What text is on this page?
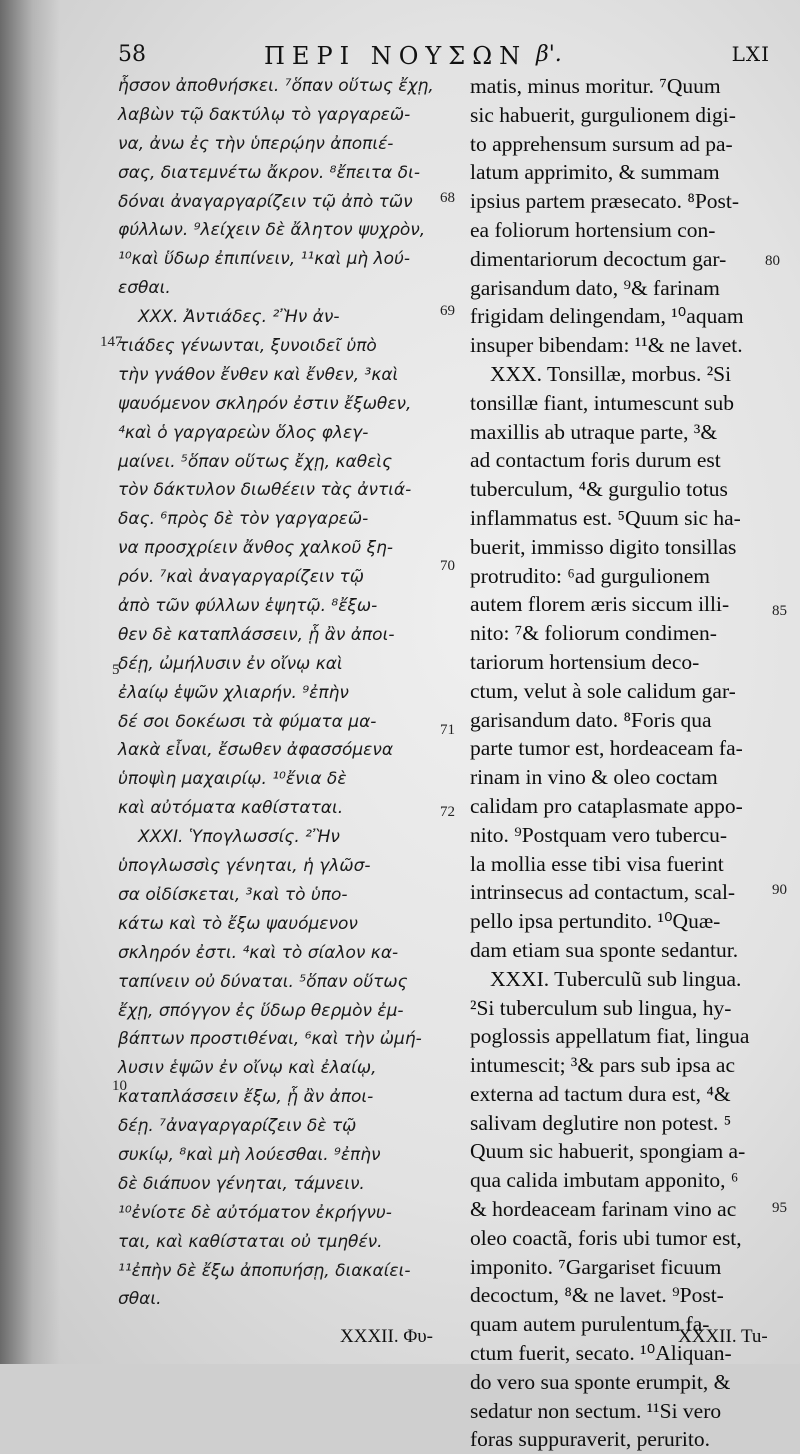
58	ΠΕΡΙ ΝΟΥΣΩΝ β'.	LXI
ἧσσον ἀποθνήσκει. ⁷ὅπαν οὕτως ἔχῃ,
λαβὼν τῷ δακτύλῳ τὸ γαργαρεῶ-
να, ἀνω ἐς τὴν ὑπερῴην ἀποπιέ-
σας, διατεμνέτω ἄκρον. ⁸ἔπειτα δι-
δόναι ἀναγαργαρίζειν τῷ ἀπὸ τῶν
φύλλων. ⁹λείχειν δὲ ἄλητον ψυχρὸν,
¹⁰καὶ ὕδωρ ἐπιπίνειν, ¹¹καὶ μὴ λού-
εσθαι.
ΧΧΧ. Ἀντιάδες. ²Ἢν ἀν-
τιάδες γένωνται, ξυνοιδεῖ ὑπὸ
τὴν γνάθον ἔνθεν καὶ ἔνθεν, ³καὶ
ψαυόμενον σκληρόν ἐστιν ἔξωθεν,
⁴καὶ ὁ γαργαρεὼν ὅλος φλεγ-
μαίνει. ⁵ὅπαν οὕτως ἔχῃ, καθεὶς
τὸν δάκτυλον διωθέειν τὰς ἀντιά-
δας. ⁶πρὸς δὲ τὸν γαργαρεῶ-
να προσχρίειν ἄνθος χαλκοῦ ξη-
ρόν. ⁷καὶ ἀναγαργαρίζειν τῷ
ἀπὸ τῶν φύλλων ἑψητῷ. ⁸ἔξω-
θεν δὲ καταπλάσσειν, ᾗ ἂν ἀποι-
δέῃ, ὠμήλυσιν ἐν οἴνῳ καὶ
ἐλαίῳ ἑψῶν χλιαρήν. ⁹ἐπὴν
δέ σοι δοκέωσι τὰ φύματα μα-
λακὰ εἶναι, ἔσωθεν ἀφασσόμενα
ὑποψὶη μαχαιρίῳ. ¹⁰ἔνια δὲ
καὶ αὐτόματα καθίσταται.
ΧΧΧΙ. Ὑπογλωσσίς. ²Ἢν
ὑπογλωσσὶς γένηται, ἡ γλῶσ-
σα οἰδίσκεται, ³καὶ τὸ ὑπο-
κάτω καὶ τὸ ἔξω ψαυόμενον
σκληρόν ἐστι. ⁴καὶ τὸ σίαλον κα-
ταπίνειν οὐ δύναται. ⁵ὅπαν οὕτως
ἔχῃ, σπόγγον ἐς ὕδωρ θερμὸν ἐμ-
βάπτων προστιθέναι, ⁶καὶ τὴν ὠμή-
λυσιν ἑψῶν ἐν οἴνῳ καὶ ἐλαίῳ,
καταπλάσσειν ἔξω, ᾗ ἂν ἀποι-
δέῃ. ⁷ἀναγαργαρίζειν δὲ τῷ
συκίῳ, ⁸καὶ μὴ λούεσθαι. ⁹ἐπὴν
δὲ διάπυον γένηται, τάμνειν.
¹⁰ἐνίοτε δὲ αὐτόματον ἐκρήγνυ-
ται, καὶ καθίσταται οὐ τμηθέν.
¹¹ἐπὴν δὲ ἔξω ἀποπυήσῃ, διακαίει-
σθαι.
matis, minus moritur. ⁷Quum
sic habuerit, gurgulionem digi-
to apprehensum sursum ad pa-
latum apprimito, & summam
ipsius partem præsecato. ⁸Post-
ea foliorum hortensium con-
dimentariorum decoctum gar-
garisandum dato, ⁹& farinam
frigidam delingendam, ¹⁰aquam
insuper bibendam: ¹¹& ne lavet.
XXX. Tonsillæ, morbus. ²Si
tonsillæ fiant, intumescunt sub
maxillis ab utraque parte, ³&
ad contactum foris durum est
tuberculum, ⁴& gurgulio totus
inflammatus est. ⁵Quum sic ha-
buerit, immisso digito tonsillas
protrudito: ⁶ad gurgulionem
autem florem æris siccum illi-
nito: ⁷& foliorum condimen-
tariorum hortensium deco-
ctum, velut à sole calidum gar-
garisandum dato. ⁸Foris qua
parte tumor est, hordeaceam fa-
rinam in vino & oleo coctam
calidam pro cataplasmate appo-
nito. ⁹Postquam vero tubercu-
la mollia esse tibi visa fuerint
intrinsecus ad contactum, scal-
pello ipsa pertundito. ¹⁰Quæ-
dam etiam sua sponte sedantur.
XXXI. Tuberculũ sub lingua.
²Si tuberculum sub lingua, hy-
poglossis appellatum fiat, lingua
intumescit; ³& pars sub ipsa ac
externa ad tactum dura est, ⁴&
salivam deglutire non potest. ⁵
Quum sic habuerit, spongiam a-
qua calida imbutam apponito, ⁶
& hordeaceam farinam vino ac
oleo coactã, foris ubi tumor est,
imponito. ⁷Gargariset ficuum
decoctum, ⁸& ne lavet. ⁹Post-
quam autem purulentum fa-
ctum fuerit, secato. ¹⁰Aliquan-
do vero sua sponte erumpit, &
sedatur non sectum. ¹¹Si vero
foras suppuraverit, perurito.
68
80
69
147
70
85
5
71
72
90
10
95
ΧΧΧΙΙ. Φυ-	XXXII. Tu-
